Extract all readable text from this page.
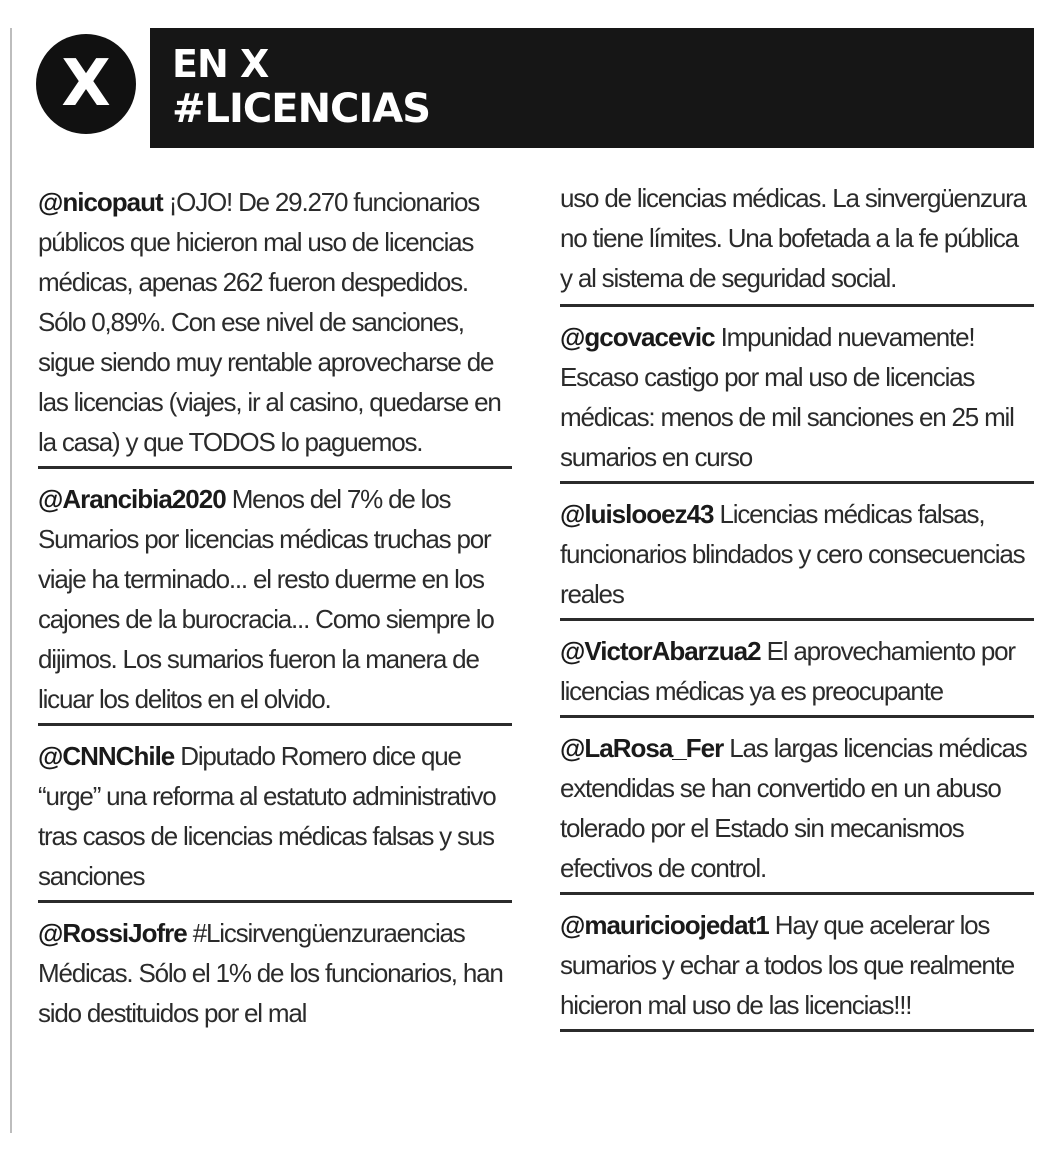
X EN X
#LICENCIAS
@nicopaut ¡OJO! De 29.270 funcionarios públicos que hicieron mal uso de licencias médicas, apenas 262 fueron despedidos. Sólo 0,89%. Con ese nivel de sanciones, sigue siendo muy rentable aprovecharse de las licencias (viajes, ir al casino, quedarse en la casa) y que TODOS lo paguemos.
@Arancibia2020 Menos del 7% de los Sumarios por licencias médicas truchas por viaje ha terminado... el resto duerme en los cajones de la burocracia... Como siempre lo dijimos. Los sumarios fueron la manera de licuar los delitos en el olvido.
@CNNChile Diputado Romero dice que “urge” una reforma al estatuto administrativo tras casos de licencias médicas falsas y sus sanciones
@RossiJofre #Licsirvengüenzuraencias Médicas. Sólo el 1% de los funcionarios, han sido destituidos por el mal
uso de licencias médicas. La sinvergüenzura no tiene límites. Una bofetada a la fe pública y al sistema de seguridad social.
@gcovacevic Impunidad nuevamente! Escaso castigo por mal uso de licencias médicas: menos de mil sanciones en 25 mil sumarios en curso
@luislooez43 Licencias médicas falsas, funcionarios blindados y cero consecuencias reales
@VictorAbarzua2 El aprovechamiento por licencias médicas ya es preocupante
@LaRosa_Fer Las largas licencias médicas extendidas se han convertido en un abuso tolerado por el Estado sin mecanismos efectivos de control.
@mauricioojedat1 Hay que acelerar los sumarios y echar a todos los que realmente hicieron mal uso de las licencias!!!
